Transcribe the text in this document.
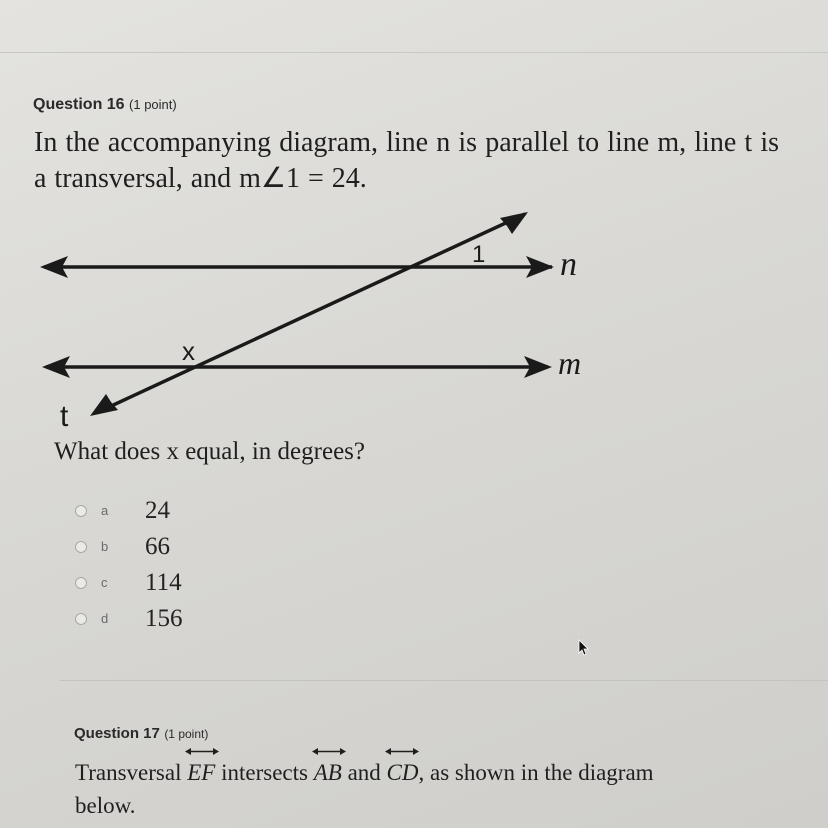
Question 16 (1 point)
In the accompanying diagram, line n is parallel to line m, line t is a transversal, and m∠1 = 24.
1
x
n
m
t
What does x equal, in degrees?
a 24
b 66
c 114
d 156
Question 17 (1 point)
Transversal EF intersects AB and CD, as shown in the diagram below.
